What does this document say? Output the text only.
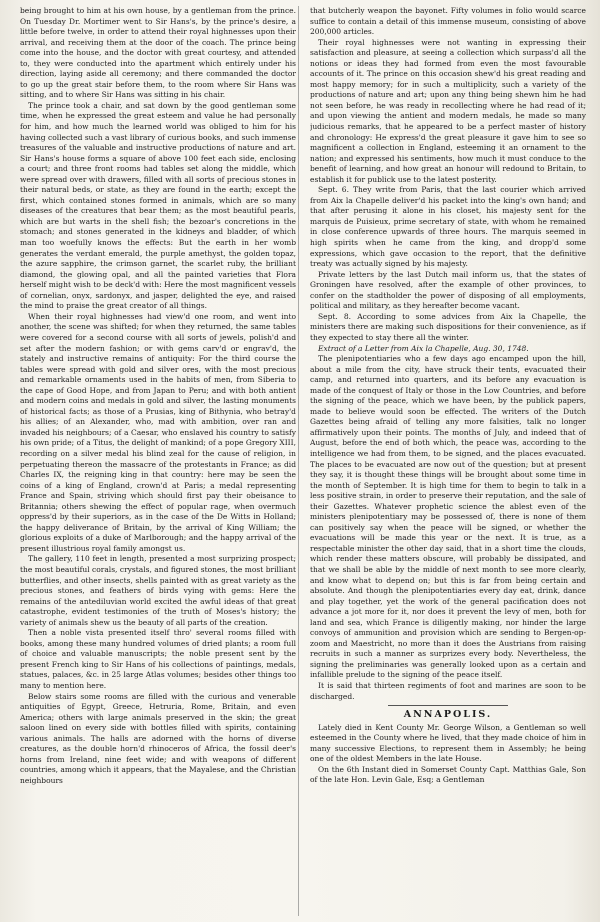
being brought to him at his own house, by a gentleman from the prince. On Tuesday Dr. Mortimer went to Sir Hans's, by the prince's desire, a little before twelve, in order to attend their royal highnesses upon their arrival, and receiving them at the door of the coach. The prince being come into the house, and the doctor with great courtesy, and attended to, they were conducted into the apartment which entirely under his direction, laying aside all ceremony; and there commanded the doctor to go up the great stair before them, to the room where Sir Hans was sitting, and to where Sir Hans was sitting in his chair.

The prince took a chair, and sat down by the good gentleman some time, when he expressed the great esteem and value he had personally for him, and how much the learned world was obliged to him for his having collected such a vast library of curious books, and such immense treasures of the valuable and instructive productions of nature and art. Sir Hans's house forms a square of above 100 feet each side, enclosing a court; and three front rooms had tables set along the middle, which were spread over with drawers, filled with all sorts of precious stones in their natural beds, or state, as they are found in the earth; except the first, which contained stones formed in animals, which are so many diseases of the creatures that bear them; as the most beautiful pearls, which are but warts in the shell fish; the bezoar's concretions in the stomach; and stones generated in the kidneys and bladder, of which man too woefully knows the effects: But the earth in her womb generates the verdant emerald, the purple amethyst, the golden topaz, the azure sapphire, the crimson garnet, the scarlet ruby, the brilliant diamond, the glowing opal, and all the painted varieties that Flora herself might wish to be deck'd with: Here the most magnificent vessels of cornelian, onyx, sardonyx, and jasper, delighted the eye, and raised the mind to praise the great creator of all things.

When their royal highnesses had view'd one room, and went into another, the scene was shifted; for when they returned, the same tables were covered for a second course with all sorts of jewels, polish'd and set after the modern fashion; or with gems carv'd or engrav'd, the stately and instructive remains of antiquity: For the third course the tables were spread with gold and silver ores, with the most precious and remarkable ornaments used in the habits of men, from Siberia to the cape of Good Hope, and from Japan to Peru; and with both antient and modern coins and medals in gold and silver, the lasting monuments of historical facts; as those of a Prusias, king of Bithynia, who betray'd his allies; of an Alexander, who, mad with ambition, over ran and invaded his neighbours; of a Caesar, who enslaved his country to satisfy his own pride; of a Titus, the delight of mankind; of a pope Gregory XIII, recording on a silver medal his blind zeal for the cause of religion, in perpetuating thereon the massacre of the protestants in France; as did Charles IX, the reigning king in that country: here may be seen the coins of a king of England, crown'd at Paris; a medal representing France and Spain, striving which should first pay their obeisance to Britannia; others shewing the effect of popular rage, when overmuch oppress'd by their superiors, as in the case of the De Witts in Holland; the happy deliverance of Britain, by the arrival of King William; the glorious exploits of a duke of Marlborough; and the happy arrival of the present illustrious royal family amongst us.

The gallery, 110 feet in length, presented a most surprizing prospect; the most beautiful corals, crystals, and figured stones, the most brilliant butterflies, and other insects, shells painted with as great variety as the precious stones, and feathers of birds vying with gems: Here the remains of the antediluvian world excited the awful ideas of that great catastrophe, evident testimonies of the truth of Moses's history; the variety of animals shew us the beauty of all parts of the creation.

Then a noble vista presented itself thro' several rooms filled with books, among these many hundred volumes of dried plants; a room full of choice and valuable manuscripts; the noble present sent by the present French king to Sir Hans of his collections of paintings, medals, statues, palaces, &c. in 25 large Atlas volumes; besides other things too many to mention here.

Below stairs some rooms are filled with the curious and venerable antiquities of Egypt, Greece, Hetruria, Rome, Britain, and even America; others with large animals preserved in the skin; the great saloon lined on every side with bottles filled with spirits, containing various animals. The halls are adorned with the horns of diverse creatures, as the double horn'd rhinoceros of Africa, the fossil deer's horns from Ireland, nine feet wide; and with weapons of different countries, among which it appears, that the Mayalese, and the Christian neighbours

that butcherly weapon the bayonet. Fifty volumes in folio would scarce suffice to contain a detail of this immense museum, consisting of above 200,000 articles.

Their royal highnesses were not wanting in expressing their satisfaction and pleasure, at seeing a collection which surpass'd all the notions or ideas they had formed from even the most favourable accounts of it. The prince on this occasion shew'd his great reading and most happy memory; for in such a multiplicity, such a variety of the productions of nature and art; upon any thing being shewn him he had not seen before, he was ready in recollecting where he had read of it; and upon viewing the antient and modern medals, he made so many judicious remarks, that he appeared to be a perfect master of history and chronology: He express'd the great pleasure it gave him to see so magnificent a collection in England, esteeming it an ornament to the nation; and expressed his sentiments, how much it must conduce to the benefit of learning, and how great an honour will redound to Britain, to establish it for publick use to the latest posterity.

Sept. 6. They write from Paris, that the last courier which arrived from Aix la Chapelle deliver'd his packet into the king's own hand; and that after perusing it alone in his closet, his majesty sent for the marquis de Puisieux, prime secretary of state, with whom he remained in close conference upwards of three hours. The marquis seemed in high spirits when he came from the king, and dropp'd some expressions, which gave occasion to the report, that the definitive treaty was actually signed by his majesty.

Private letters by the last Dutch mail inform us, that the states of Groningen have resolved, after the example of other provinces, to confer on the stadtholder the power of disposing of all employments, political and military, as they hereafter become vacant.

Sept. 8. According to some advices from Aix la Chapelle, the ministers there are making such dispositions for their convenience, as if they expected to stay there all the winter.

Extract of a Letter from Aix la Chapelle, Aug. 30, 1748.

The plenipotentiaries who a few days ago encamped upon the hill, about a mile from the city, have struck their tents, evacuated their camp, and returned into quarters, and its before any evacuation is made of the conquest of Italy or those in the Low Countries, and before the signing of the peace, which we have been, by the publick papers, made to believe would soon be effected. The writers of the Dutch Gazettes being afraid of telling any more falsities, talk no longer affirmatively upon their points. The months of July, and indeed that of August, before the end of both which, the peace was, according to the intelligence we had from them, to be signed, and the places evacuated. The places to be evacuated are now out of the question; but at present they say, it is thought these things will be brought about some time in the month of September. It is high time for them to begin to talk in a less positive strain, in order to preserve their reputation, and the sale of their Gazettes. Whatever prophetic science the ablest even of the ministers plenipotentiary may be possessed of, there is none of them can positively say when the peace will be signed, or whether the evacuations will be made this year or the next. It is true, as a respectable minister the other day said, that in a short time the clouds, which render these matters obscure, will probably be dissipated, and that we shall be able by the middle of next month to see more clearly, and know what to depend on; but this is far from being certain and absolute. And though the plenipotentiaries every day eat, drink, dance and play together, yet the work of the general pacification does not advance a jot more for it, nor does it prevent the levy of men, both for land and sea, which France is diligently making, nor hinder the large convoys of ammunition and provision which are sending to Bergen-op-zoom and Maestricht, no more than it does the Austrians from raising recruits in such a manner as surprizes every body. Nevertheless, the signing the preliminaries was generally looked upon as a certain and infallible prelude to the signing of the peace itself.

It is said that thirteen regiments of foot and marines are soon to be discharged.

ANNAPOLIS.

Lately died in Kent County Mr. George Wilson, a Gentleman so well esteemed in the County where he lived, that they made choice of him in many successive Elections, to represent them in Assembly; he being one of the oldest Members in the late House.

On the 6th Instant died in Somerset County Capt. Matthias Gale, Son of the late Hon. Levin Gale, Esq; a Gentleman
